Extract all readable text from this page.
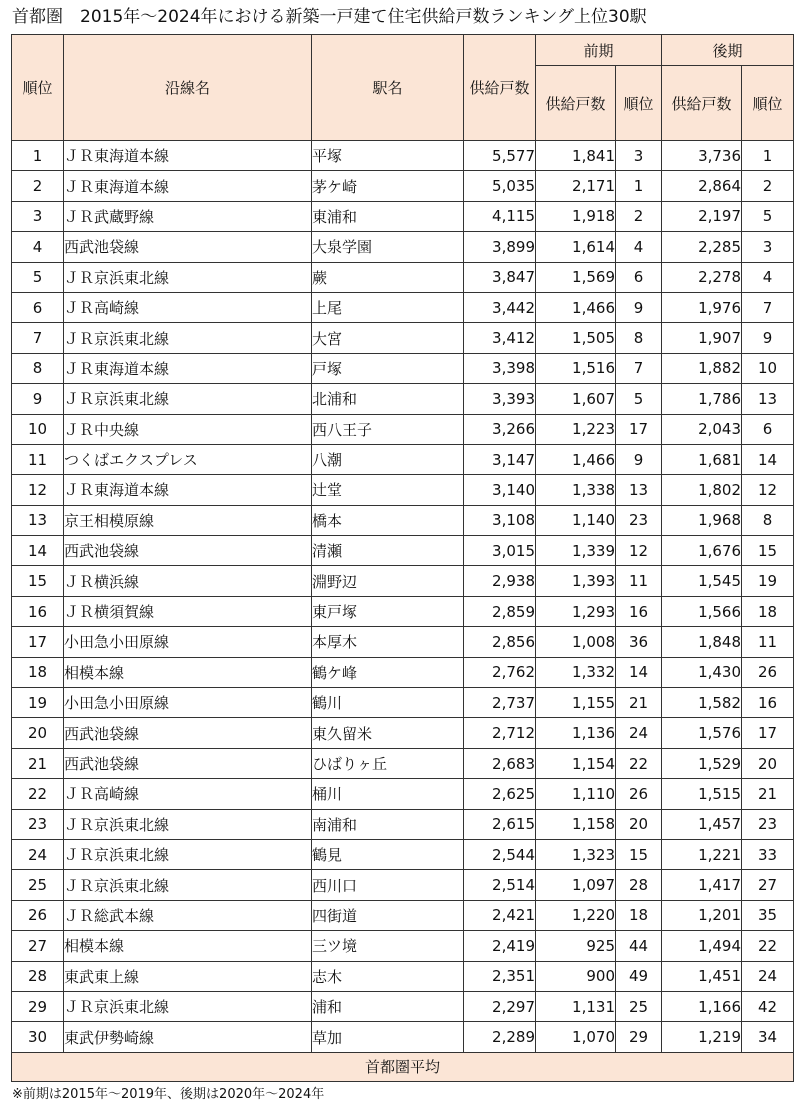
首都圏　2015年～2024年における新築一戸建て住宅供給戸数ランキング上位30駅
順位	沿線名	駅名	供給戸数	前期		後期	
				供給戸数	順位	供給戸数	順位
1	ＪＲ東海道本線	平塚	5,577	1,841	3	3,736	1
2	ＪＲ東海道本線	茅ケ崎	5,035	2,171	1	2,864	2
3	ＪＲ武蔵野線	東浦和	4,115	1,918	2	2,197	5
4	西武池袋線	大泉学園	3,899	1,614	4	2,285	3
5	ＪＲ京浜東北線	蕨	3,847	1,569	6	2,278	4
6	ＪＲ高崎線	上尾	3,442	1,466	9	1,976	7
7	ＪＲ京浜東北線	大宮	3,412	1,505	8	1,907	9
8	ＪＲ東海道本線	戸塚	3,398	1,516	7	1,882	10
9	ＪＲ京浜東北線	北浦和	3,393	1,607	5	1,786	13
10	ＪＲ中央線	西八王子	3,266	1,223	17	2,043	6
11	つくばエクスプレス	八潮	3,147	1,466	9	1,681	14
12	ＪＲ東海道本線	辻堂	3,140	1,338	13	1,802	12
13	京王相模原線	橋本	3,108	1,140	23	1,968	8
14	西武池袋線	清瀬	3,015	1,339	12	1,676	15
15	ＪＲ横浜線	淵野辺	2,938	1,393	11	1,545	19
16	ＪＲ横須賀線	東戸塚	2,859	1,293	16	1,566	18
17	小田急小田原線	本厚木	2,856	1,008	36	1,848	11
18	相模本線	鶴ケ峰	2,762	1,332	14	1,430	26
19	小田急小田原線	鶴川	2,737	1,155	21	1,582	16
20	西武池袋線	東久留米	2,712	1,136	24	1,576	17
21	西武池袋線	ひばりヶ丘	2,683	1,154	22	1,529	20
22	ＪＲ高崎線	桶川	2,625	1,110	26	1,515	21
23	ＪＲ京浜東北線	南浦和	2,615	1,158	20	1,457	23
24	ＪＲ京浜東北線	鶴見	2,544	1,323	15	1,221	33
25	ＪＲ京浜東北線	西川口	2,514	1,097	28	1,417	27
26	ＪＲ総武本線	四街道	2,421	1,220	18	1,201	35
27	相模本線	三ツ境	2,419	925	44	1,494	22
28	東武東上線	志木	2,351	900	49	1,451	24
29	ＪＲ京浜東北線	浦和	2,297	1,131	25	1,166	42
30	東武伊勢崎線	草加	2,289	1,070	29	1,219	34
首都圏平均							
※前期は2015年～2019年、後期は2020年～2024年
